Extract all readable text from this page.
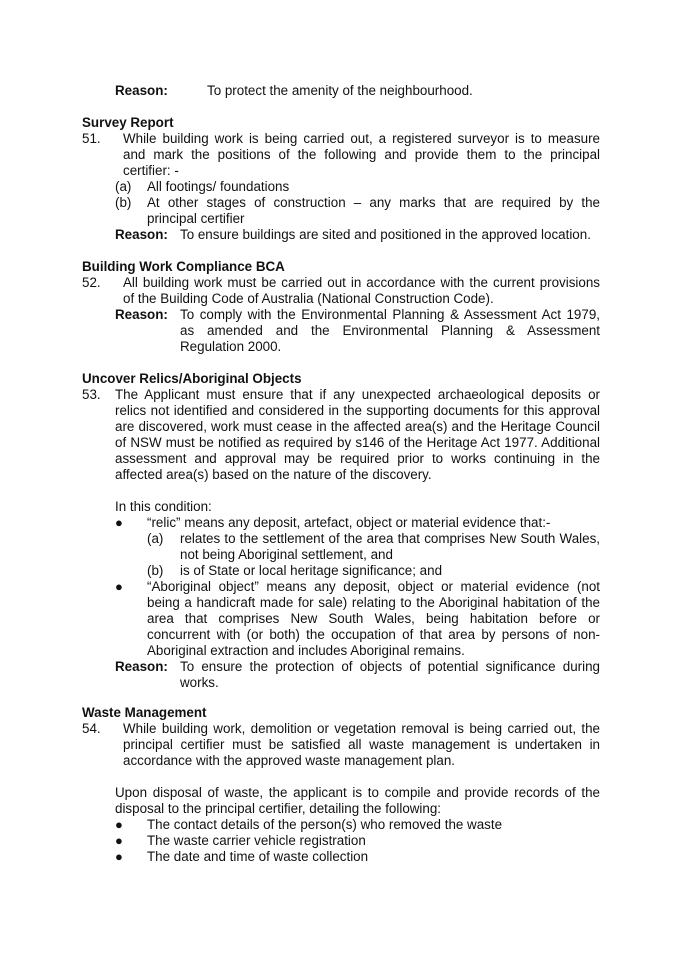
Reason:	To protect the amenity of the neighbourhood.
Survey Report
51. While building work is being carried out, a registered surveyor is to measure
and mark the positions of the following and provide them to the principal
certifier: -
(a) All footings/ foundations
(b) At other stages of construction – any marks that are required by the
principal certifier
Reason: To ensure buildings are sited and positioned in the approved location.
Building Work Compliance BCA
52. All building work must be carried out in accordance with the current provisions
of the Building Code of Australia (National Construction Code).
Reason: To comply with the Environmental Planning & Assessment Act 1979,
as amended and the Environmental Planning & Assessment
Regulation 2000.
Uncover Relics/Aboriginal Objects
53. The Applicant must ensure that if any unexpected archaeological deposits or
relics not identified and considered in the supporting documents for this approval
are discovered, work must cease in the affected area(s) and the Heritage Council
of NSW must be notified as required by s146 of the Heritage Act 1977. Additional
assessment and approval may be required prior to works continuing in the
affected area(s) based on the nature of the discovery.
In this condition:
● “relic” means any deposit, artefact, object or material evidence that:-
(a) relates to the settlement of the area that comprises New South Wales,
not being Aboriginal settlement, and
(b) is of State or local heritage significance; and
● “Aboriginal object” means any deposit, object or material evidence (not
being a handicraft made for sale) relating to the Aboriginal habitation of the
area that comprises New South Wales, being habitation before or
concurrent with (or both) the occupation of that area by persons of non-
Aboriginal extraction and includes Aboriginal remains.
Reason: To ensure the protection of objects of potential significance during
works.
Waste Management
54. While building work, demolition or vegetation removal is being carried out, the
principal certifier must be satisfied all waste management is undertaken in
accordance with the approved waste management plan.
Upon disposal of waste, the applicant is to compile and provide records of the
disposal to the principal certifier, detailing the following:
● The contact details of the person(s) who removed the waste
● The waste carrier vehicle registration
● The date and time of waste collection
